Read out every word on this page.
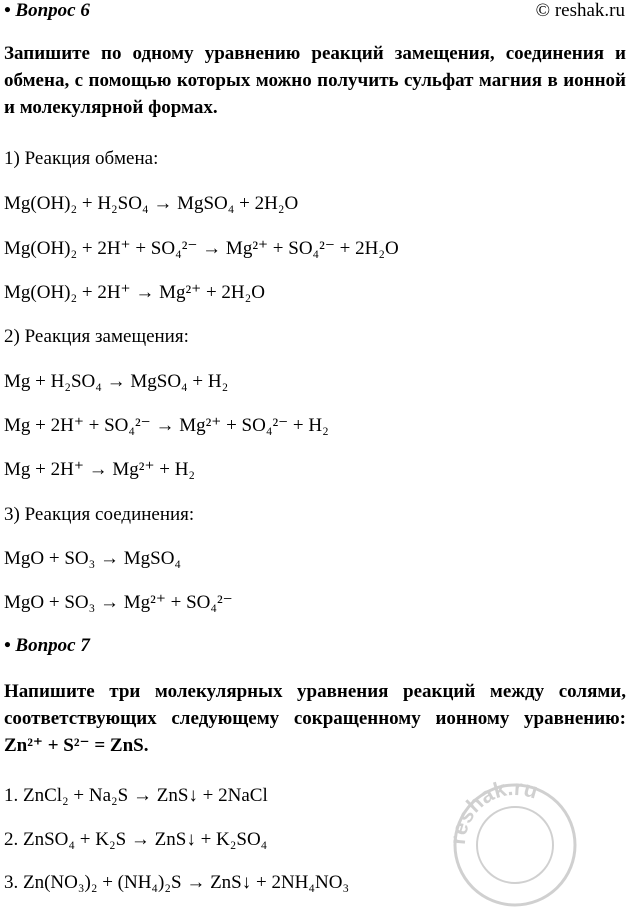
• Вопрос 6	© reshak.ru
Запишите по одному уравнению реакций замещения, соединения и обмена, с помощью которых можно получить сульфат магния в ионной и молекулярной формах.
1) Реакция обмена:
Mg(OH)₂ + H₂SO₄ → MgSO₄ + 2H₂O
Mg(OH)₂ + 2H⁺ + SO₄²⁻ → Mg²⁺ + SO₄²⁻ + 2H₂O
Mg(OH)₂ + 2H⁺ → Mg²⁺ + 2H₂O
2) Реакция замещения:
Mg + H₂SO₄ → MgSO₄ + H₂
Mg + 2H⁺ + SO₄²⁻ → Mg²⁺ + SO₄²⁻ + H₂
Mg + 2H⁺ → Mg²⁺ + H₂
3) Реакция соединения:
MgO + SO₃ → MgSO₄
MgO + SO₃ → Mg²⁺ + SO₄²⁻
• Вопрос 7
Напишите три молекулярных уравнения реакций между солями, соответствующих следующему сокращенному ионному уравнению: Zn²⁺ + S²⁻ = ZnS.
1. ZnCl₂ + Na₂S → ZnS↓ + 2NaCl
2. ZnSO₄ + K₂S → ZnS↓ + K₂SO₄
3. Zn(NO₃)₂ + (NH₄)₂S → ZnS↓ + 2NH₄NO₃
reshak.ru
